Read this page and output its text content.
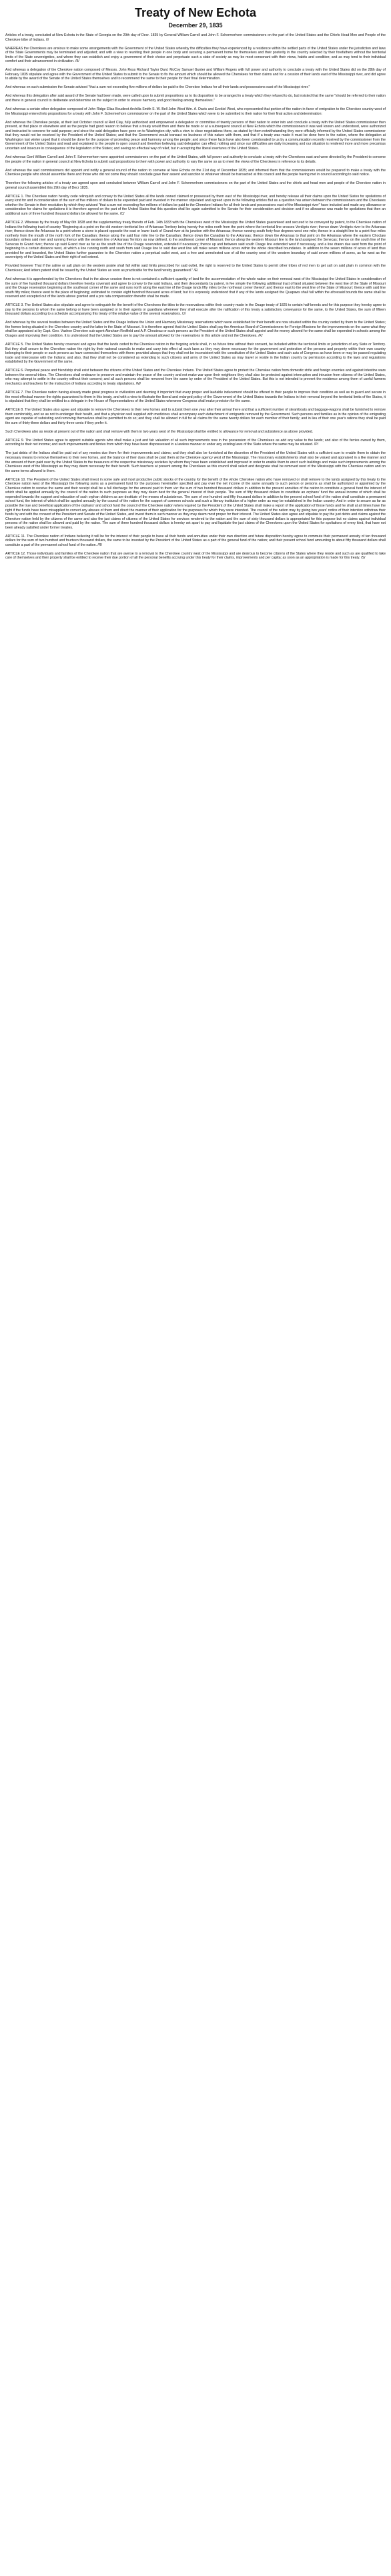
Treaty of New Echota
December 29, 1835

Articles of a treaty, concluded at New Echota in the State of Georgia on the 29th day of Decr. 1835 by General William Carroll and John F. Schermerhorn commissioners on the part of the United States and the Chiefs Head Men and People of the Cherokee tribe of Indians. /I/

WHEREAS the Cherokees are anxious to make some arrangements with the Government of the United States whereby the difficulties they have experienced by a residence within the settled parts of the United States under the jurisdiction and laws of the State Governments may be terminated and adjusted; and with a view to reuniting their people in one body and securing a permanent home for themselves and their posterity in the country selected by their forefathers without the territorial limits of the State sovereignties, and where they can establish and enjoy a government of their choice and perpetuate such a state of society as may be most consonant with their views, habits and condition; and as may tend to their individual comfort and their advancement in civilization. /II/

And whereas a delegation of the Cherokee nation composed of Messrs. John Ross Richard Taylor Danl. McCoy Samuel Gunter and William Rogers with full power and authority to conclude a treaty with the United States did on the 28th day of February 1835 stipulate and agree with the Government of the United States to submit to the Senate to fix the amount which should be allowed the Cherokees for their claims and for a cession of their lands east of the Mississippi river, and did agree to abide by the award of the Senate of the United States themselves and to recommend the same to their people for their final determination.

And whereas on such submission the Senate advised "that a sum not exceeding five millions of dollars be paid to the Cherokee Indians for all their lands and possessions east of the Mississippi river."

And whereas this delegation after said award of the Senate had been made, were called upon to submit propositions as to its disposition to be arranged in a treaty which they refused to do, but insisted that the same "should be referred to their nation and there in general council to deliberate and determine on the subject in order to ensure harmony and good feeling among themselves."

And whereas a certain other delegation composed of John Ridge Elias Boudinot Archilla Smith S. W. Bell John West Wm. A. Davis and Ezekiel West, who represented that portion of the nation in favor of emigration to the Cherokee country west of the Mississippi entered into propositions for a treaty with John F. Schermerhorn commissioner on the part of the United States which were to be submitted to their nation for their final action and determination:

And whereas the Cherokee people, at their last October council at Red Clay, fully authorized and empowered a delegation or committee of twenty persons of their nation to enter into and conclude a treaty with the United States commissioner then present, at that place or elsewhere and as the people had good reason to believe that a treaty would then and there be made or at a subsequent council at New Echota which the commissioners it was well known and understood, were authorized and instructed to convene for said purpose; and since the said delegation have gone on to Washington city, with a view to close negotiations there, as stated by them notwithstanding they were officially informed by the United States commissioner that they would not be received by the President of the United States; and that the Government would transact no business of this nature with them, and that if a treaty was made it must be done here in the nation, where the delegation at Washington last winter urged that it should be done for the purpose of promoting peace and harmony among the people; and since these facts have also been corroborated to us by a communication recently received by the commissioner from the Government of the United States and read and explained to the people in open council and therefore believing said delegation can effect nothing and since our difficulties are daily increasing and our situation is rendered more and more precarious uncertain and insecure in consequence of the legislation of the States; and seeing no effectual way of relief, but in accepting the liberal overtures of the United States.

And whereas Genl William Carroll and John F. Schermerhorn were appointed commissioners on the part of the United States, with full power and authority to conclude a treaty with the Cherokees east and were directed by the President to convene the people of the nation in general council at New Echota to submit said propositions to them with power and authority to vary the same so as to meet the views of the Cherokees in reference to its details.

And whereas the said commissioners did appoint and notify a general council of the nation to convene at New Echota on the 21st day of December 1835; and informed them that the commissioners would be prepared to make a treaty with the Cherokee people who should assemble there and those who did not come they should conclude gave their assent and sanction to whatever should be transacted at this council and the people having met in council according to said notice.

Therefore the following articles of a treaty are agreed upon and concluded between William Carroll and John F. Schermerhorn commissioners on the part of the United States and the chiefs and head men and people of the Cherokee nation in general council assembled this 29th day of Decr 1835.

ARTICLE 1. The Cherokee nation hereby cede relinquish and convey to the United States all the lands owned claimed or possessed by them east of the Mississippi river, and hereby release all their claims upon the United States for spoliations of every kind for and in consideration of the sum of five millions of dollars to be expended paid and invested in the manner stipulated and agreed upon in the following articles But as a question has arisen between the commissioners and the Cherokees whether the Senate in their resolution by which they advised "that a sum not exceeding five millions of dollars be paid to the Cherokee Indians for all their lands and possessions east of the Mississippi river" have included and made any allowance or consideration for claims for spoliations it is therefore agreed on the part of the United States that this question shall be again submitted to the Senate for their consideration and decision and if no allowance was made for spoliations that then an additional sum of three hundred thousand dollars be allowed for the same. /C/

ARTICLE 2. Whereas by the treaty of May 6th 1828 and the supplementary treaty thereto of Feb. 14th 1833 with the Cherokees west of the Mississippi the United States guaranteed and secured to be conveyed by patent, to the Cherokee nation of Indians the following tract of country "Beginning at a point on the old western territorial line of Arkansas Territory being twenty-five miles north from the point where the territorial line crosses Verdigris river; thence down Verdigris river to the Arkansas river; thence down the Arkansas to a point where a stone is placed opposite the east or lower bank of Grand river at its junction with the Arkansas; thence running south forty-four degrees west one mile; thence in a straight line to a point four miles northerly from the mouth of the north fork of the Canadian; thence along the said four mile line to the Canadian; thence down the Canadian to the Arkansas; thence down the Arkansas to that point on the Arkansas where the eastern Choctaw boundary strikes said river and running thence with the western line of Arkansas Territory as now defined, to the southwest corner of Missouri; thence along the western Missouri line to the land assigned the Senecas; thence on the south line of the Senecas to Grand river; thence up said Grand river as far as the south line of the Osage reservation, extended if necessary; thence up and between said south Osage line extended west if necessary, and a line drawn due west from the point of beginning to a certain distance west, at which a line running north and south from said Osage line to said due west line will make seven millions acres within the whole described boundaries. In addition to the seven millions of acres of land thus provided for and bounded, the United States further guarantee to the Cherokee nation a perpetual outlet west, and a free and unmolested use of all the country west of the western boundary of said seven millions of acres, as far west as the sovereignty of the United States and their right of soil extend.

Provided however That if the saline or salt plain on the western prairie shall fall within said limits prescribed for said outlet, the right is reserved to the United States to permit other tribes of red men to get salt on said plain in common with the Cherokees; And letters patent shall be issued by the United States as soon as practicable for the land hereby guaranteed." /E/

And whereas it is apprehended by the Cherokees that in the above cession there is not contained a sufficient quantity of land for the accommodation of the whole nation on their removal west of the Mississippi the United States in consideration of the sum of five hundred thousand dollars therefore hereby covenant and agree to convey to the said Indians, and their descendants by patent, in fee simple the following additional tract of land situated between the west line of the State of Missouri and the Osage reservation beginning at the southeast corner of the same and runs north along the east line of the Osage lands fifty miles to the northeast corner thereof; and thence east to the west line of the State of Missouri; thence with said line south fifty miles; thence west to the place of beginning; estimated to contain eight hundred thousand acres of land; but it is expressly understood that if any of the lands assigned the Quapaws shall fall within the aforesaid bounds the same shall be reserved and excepted out of the lands above granted and a pro rata compensation therefor shall be made.

ARTICLE 3. The United States also stipulate and agree to extinguish for the benefit of the Cherokees the titles to the reservations within their country made in the Osage treaty of 1825 to certain half-breeds and for this purpose they hereby agree to pay to the persons to whom the same belong or have been assigned or to their agents or guardians whenever they shall execute after the ratification of this treaty a satisfactory conveyance for the same, to the United States, the sum of fifteen thousand dollars according to a schedule accompanying this treaty of the relative value of the several reservations. /J/

And whereas by the several treaties between the United States and the Osage Indians the Union and Harmony Missionary reservations which were established for their benefit are now situated within the country ceded by them to the United States; the former being situated in the Cherokee country and the latter in the State of Missouri. It is therefore agreed that the United States shall pay the American Board of Commissioners for Foreign Missions for the improvements on the same what they shall be appraised at by Capt. Geo. Vashon Cherokee sub-agent Abraham Redfield and A.P. Chouteau or such persons as the President of the United States shall appoint and the money allowed for the same shall be expended in schools among the Osages and improving their condition. It is understood that the United States are to pay the amount allowed for the reservations in this article and not the Cherokees. /K/

ARTICLE 5. The United States hereby covenant and agree that the lands ceded to the Cherokee nation in the forgoing article shall, in no future time without their consent, be included within the territorial limits or jurisdiction of any State or Territory. But they shall secure to the Cherokee nation the right by their national councils to make and carry into effect all such laws as they may deem necessary for the government and protection of the persons and property within their own country belonging to their people or such persons as have connected themselves with them: provided always that they shall not be inconsistent with the constitution of the United States and such acts of Congress as have been or may be passed regulating trade and intercourse with the Indians; and also, that they shall not be considered as extending to such citizens and army of the United States as may travel or reside in the Indian country by permission according to the laws and regulations established by the Government of the same.

ARTICLE 6. Perpetual peace and friendship shall exist between the citizens of the United States and the Cherokee Indians. The United States agree to protect the Cherokee nation from domestic strife and foreign enemies and against intestine wars between the several tribes. The Cherokees shall endeavor to preserve and maintain the peace of the country and not make war upon their neighbors they shall also be protected against interruption and intrusion from citizens of the United States, who may attempt to settle in the country without their consent; and all such persons shall be removed from the same by order of the President of the United States. But this is not intended to prevent the residence among them of useful farmers mechanics and teachers for the instruction of Indians according to treaty stipulations. /M/

ARTICLE 7. The Cherokee nation having already made great progress in civilization and deeming it important that every proper and laudable inducement should be offered to their people to improve their condition as well as to guard and secure in the most effectual manner the rights guaranteed to them in this treaty, and with a view to illustrate the liberal and enlarged policy of the Government of the United States towards the Indians in their removal beyond the territorial limits of the States, it is stipulated that they shall be entitled to a delegate in the House of Representatives of the United States whenever Congress shall make provision for the same.

ARTICLE 8. The United States also agree and stipulate to remove the Cherokees to their new homes and to subsist them one year after their arrival there and that a sufficient number of steamboats and baggage-wagons shall be furnished to remove them comfortably, and so as not to endanger their health, and that a physician well supplied with medicines shall accompany each detachment of emigrants removed by the Government. Such persons and families as in the opinion of the emigrating agent are capable of subsisting and removing themselves shall be permitted to do so; and they shall be allowed in full for all claims for the same twenty dollars for each member of their family; and in lieu of their one year's rations they shall be paid the sum of thirty-three dollars and thirty-three cents if they prefer it.

Such Cherokees also as reside at present out of the nation and shall remove with them in two years west of the Mississippi shall be entitled to allowance for removal and subsistence as above provided.

ARTICLE 9. The United States agree to appoint suitable agents who shall make a just and fair valuation of all such improvements now in the possession of the Cherokees as add any value to the lands; and also of the ferries owned by them, according to their net income; and such improvements and ferries from which they have been dispossessed in a lawless manner or under any existing laws of the State where the same may be situated. /P/

The just debts of the Indians shall be paid out of any monies due them for their improvements and claims; and they shall also be furnished at the discretion of the President of the United States with a sufficient sum to enable them to obtain the necessary means to remove themselves to their new homes, and the balance of their dues shall be paid them at the Cherokee agency west of the Mississippi. The missionary establishments shall also be valued and appraised in a like manner and the amount of them paid over by the United States to the treasurers of the respective missionary societies by whom they have been established and improved in order to enable them to erect such buildings and make such improvements among the Cherokees west of the Mississippi as they may deem necessary for their benefit. Such teachers at present among the Cherokees as this council shall select and designate shall be removed west of the Mississippi with the Cherokee nation and on the same terms allowed to them.

ARTICLE 10. The President of the United States shall invest in some safe and most productive public stocks of the country for the benefit of the whole Cherokee nation who have removed or shall remove to the lands assigned by this treaty to the Cherokee nation west of the Mississippi the following sums as a permanent fund for the purposes hereinafter specified and pay over the net income of the same annually to such person or persons as shall be authorized or appointed by the Cherokee nation to receive the same and their receipt shall be a full discharge for the amount paid to them viz: the sum of two hundred thousand dollars in addition to the present annuities of the nation to constitute a general fund the interest of which shall be applied annually by the council of the nation to such purposes as they may deem best for the general interest of their people. The sum of fifty thousand dollars to constitute an orphans' fund the annual income of which shall be expended towards the support and education of such orphan children as are destitute of the means of subsistence. The sum of one hundred and fifty thousand dollars in addition to the present school fund of the nation shall constitute a permanent school fund, the interest of which shall be applied annually by the council of the nation for the support of common schools and such a literary institution of a higher order as may be established in the Indian country. And in order to secure as far as possible the true and beneficial application of the orphans' and school fund the council of the Cherokee nation when required by the President of the United States shall make a report of the application of those funds and he shall at all times have the right if the funds have been misapplied to correct any abuses of them and direct the manner of their application for the purposes for which they were intended. The council of the nation may by giving two years' notice of their intention withdraw their funds by and with the consent of the President and Senate of the United States, and invest them in such manner as they may deem most proper for their interest. The United States also agree and stipulate to pay the just debts and claims against the Cherokee nation held by the citizens of the same and also the just claims of citizens of the United States for services rendered to the nation and the sum of sixty thousand dollars is appropriated for this purpose but no claims against individual persons of the nation shall be allowed and paid by the nation. The sum of three hundred thousand dollars is hereby set apart to pay and liquidate the just claims of the Cherokees upon the United States for spoliations of every kind, that have not been already satisfied under former treaties.

ARTICLE 11. The Cherokee nation of Indians believing it will be for the interest of their people to have all their funds and annuities under their own direction and future disposition hereby agree to commute their permanent annuity of ten thousand dollars for the sum of two hundred and fourteen thousand dollars, the same to be invested by the President of the United States as a part of the general fund of the nation; and their present school fund amounting to about fifty thousand dollars shall constitute a part of the permanent school fund of the nation. /R/

ARTICLE 12. Those individuals and families of the Cherokee nation that are averse to a removal to the Cherokee country west of the Mississippi and are desirous to become citizens of the States where they reside and such as are qualified to take care of themselves and their property shall be entitled to receive their due portion of all the personal benefits accruing under this treaty for their claims, improvements and per capita; as soon as an appropriation is made for this treaty. /S/
